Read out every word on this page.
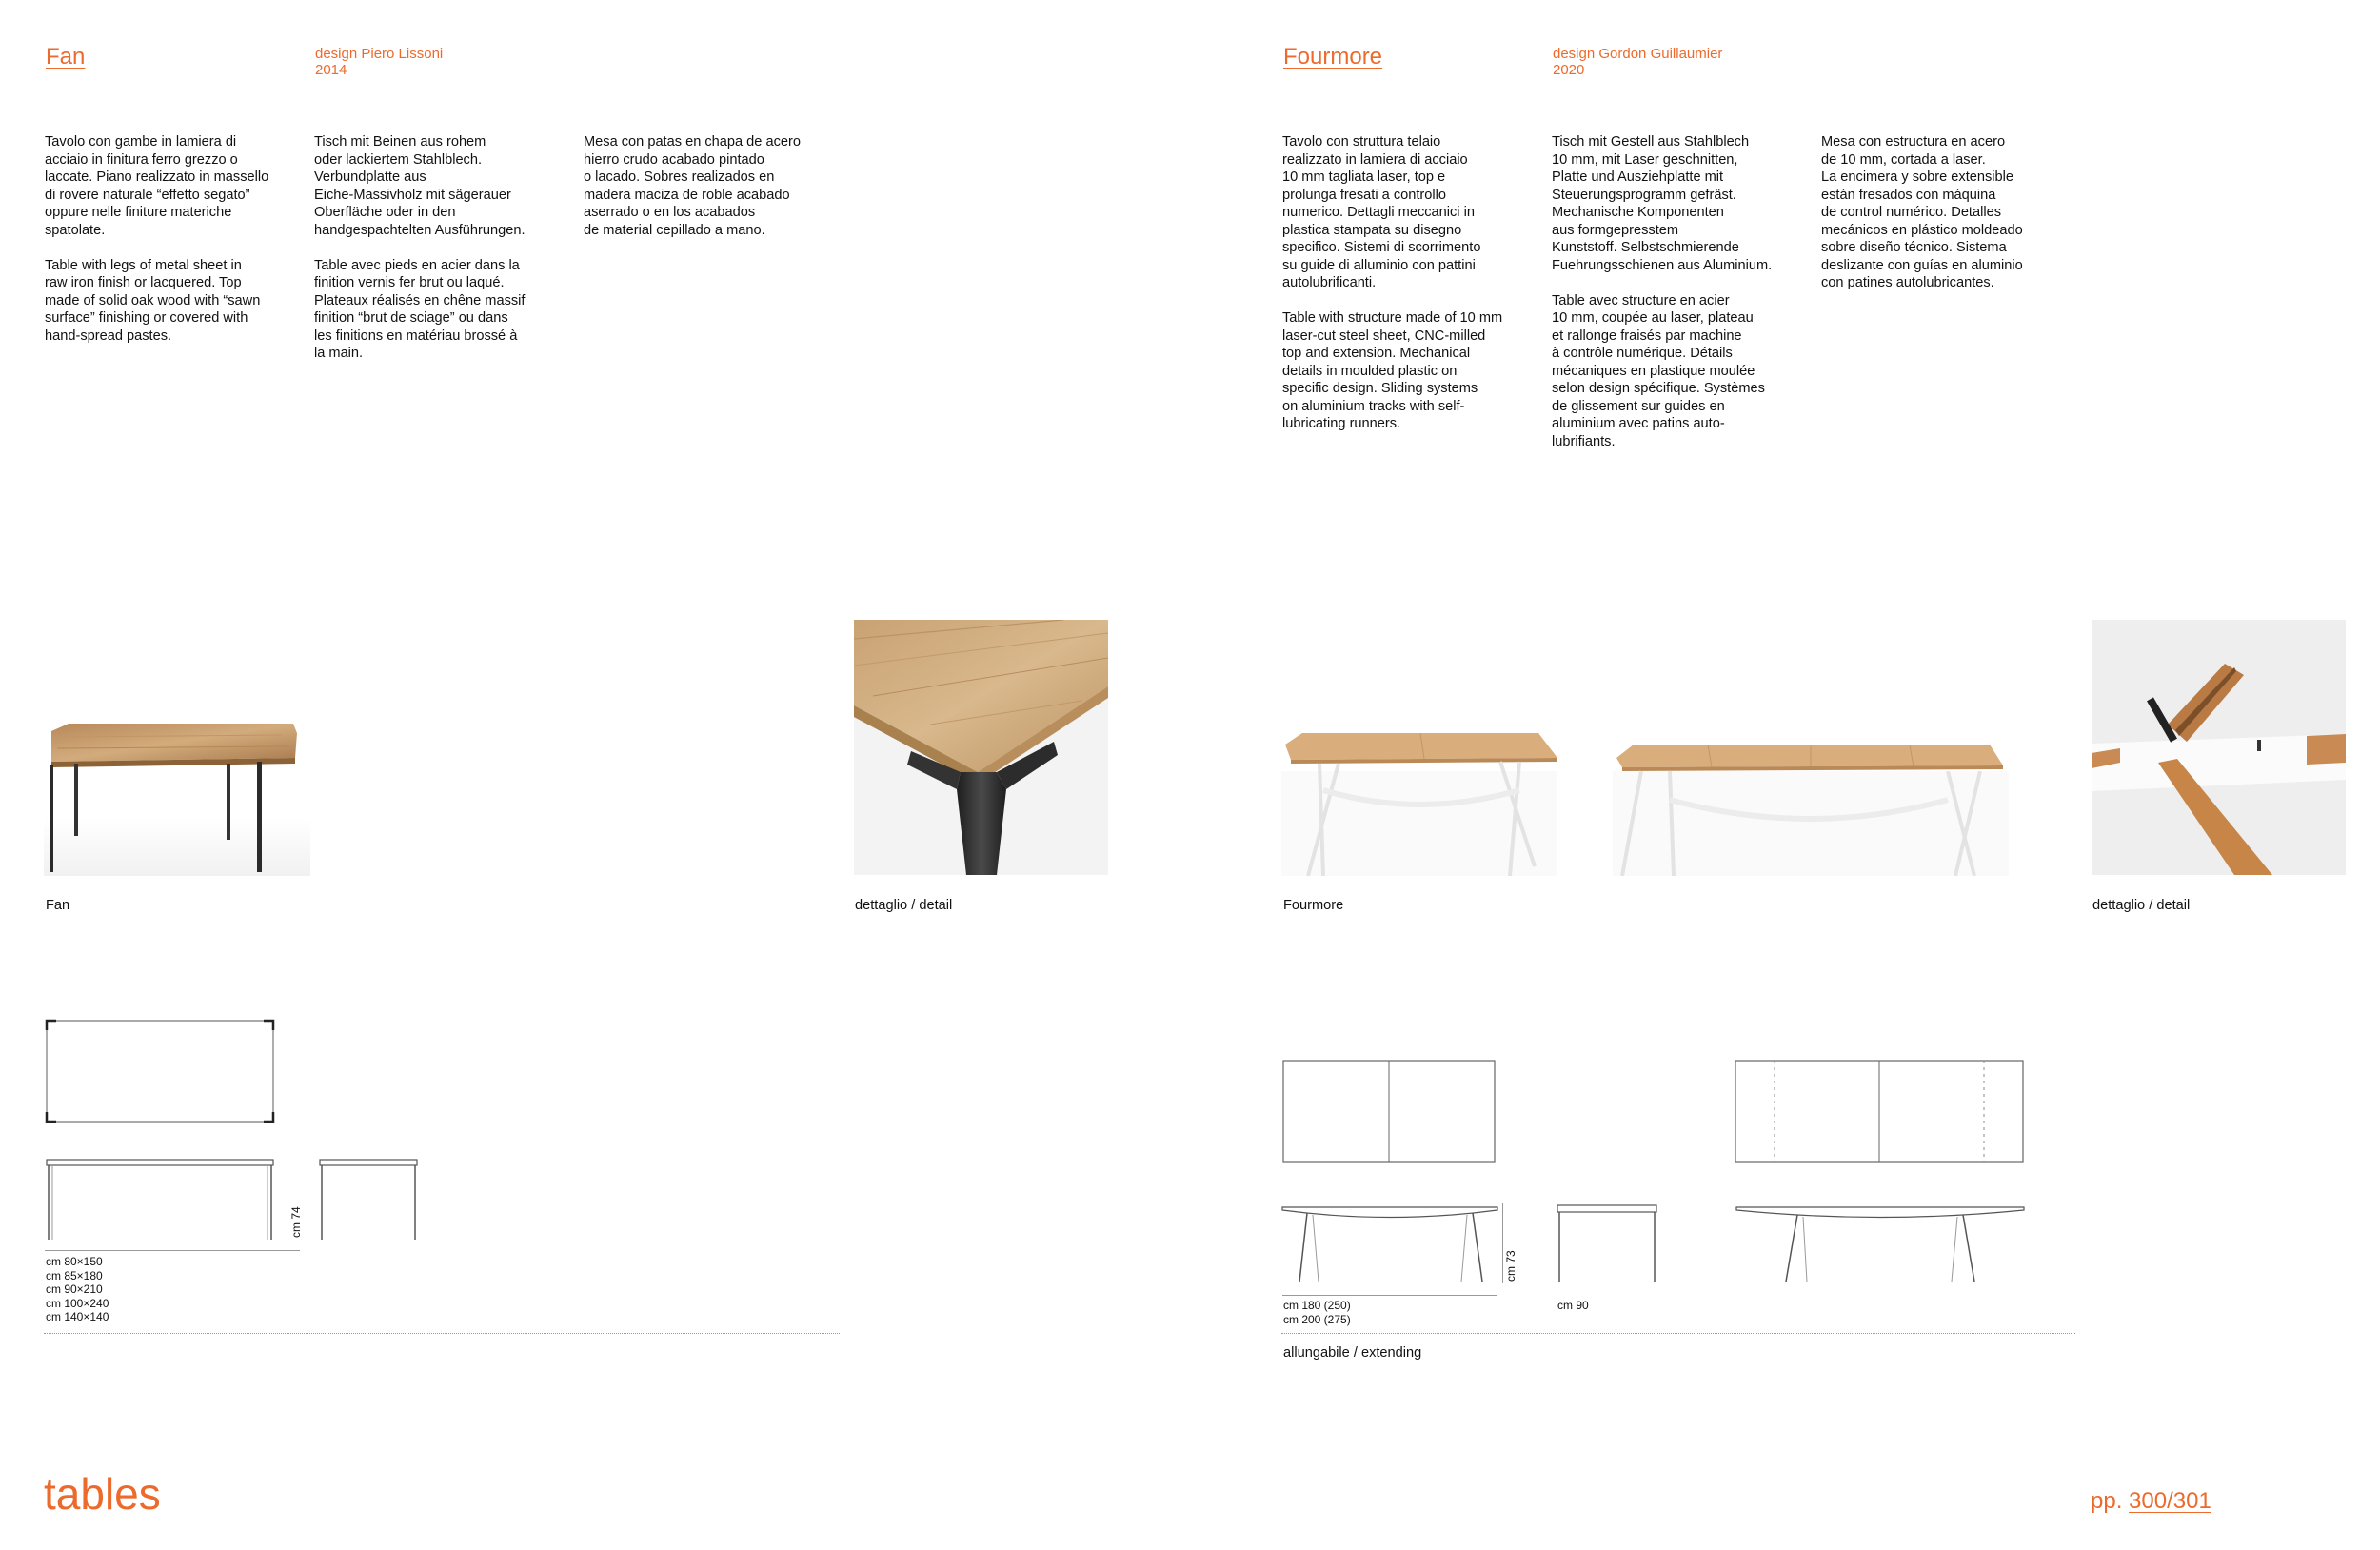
Fan	design Piero Lissoni
2014

Tavolo con gambe in lamiera di
acciaio in finitura ferro grezzo o
laccate. Piano realizzato in massello
di rovere naturale “effetto segato”
oppure nelle finiture materiche
spatolate.

Table with legs of metal sheet in
raw iron finish or lacquered. Top
made of solid oak wood with “sawn
surface” finishing or covered with
hand-spread pastes.

Tisch mit Beinen aus rohem
oder lackiertem Stahlblech.
Verbundplatte aus
Eiche-Massivholz mit sägerauer
Oberfläche oder in den
handgespachtelten Ausführungen.

Table avec pieds en acier dans la
finition vernis fer brut ou laqué.
Plateaux réalisés en chêne massif
finition “brut de sciage” ou dans
les finitions en matériau brossé à
la main.

Mesa con patas en chapa de acero
hierro crudo acabado pintado
o lacado. Sobres realizados en
madera maciza de roble acabado
aserrado o en los acabados
de material cepillado a mano.

Fan	dettaglio / detail
cm 74
cm 80×150
cm 85×180
cm 90×210
cm 100×240
cm 140×140
Fourmore	design Gordon Guillaumier
2020

Tavolo con struttura telaio
realizzato in lamiera di acciaio
10 mm tagliata laser, top e
prolunga fresati a controllo
numerico. Dettagli meccanici in
plastica stampata su disegno
specifico. Sistemi di scorrimento
su guide di alluminio con pattini
autolubrificanti.

Table with structure made of 10 mm
laser-cut steel sheet, CNC-milled
top and extension. Mechanical
details in moulded plastic on
specific design. Sliding systems
on aluminium tracks with self-
lubricating runners.

Tisch mit Gestell aus Stahlblech
10 mm, mit Laser geschnitten,
Platte und Ausziehplatte mit
Steuerungsprogramm gefräst.
Mechanische Komponenten
aus formgepresstem
Kunststoff. Selbstschmierende
Fuehrungsschienen aus Aluminium.

Table avec structure en acier
10 mm, coupée au laser, plateau
et rallonge fraisés par machine
à contrôle numérique. Détails
mécaniques en plastique moulée
selon design spécifique. Systèmes
de glissement sur guides en
aluminium avec patins auto-
lubrifiants.

Mesa con estructura en acero
de 10 mm, cortada a laser.
La encimera y sobre extensible
están fresados con máquina
de control numérico. Detalles
mecánicos en plástico moldeado
sobre diseño técnico. Sistema
deslizante con guías en aluminio
con patines autolubricantes.

Fourmore	dettaglio / detail
cm 73
cm 180 (250)
cm 200 (275)
cm 90
allungabile / extending
tables	pp. 300/301
